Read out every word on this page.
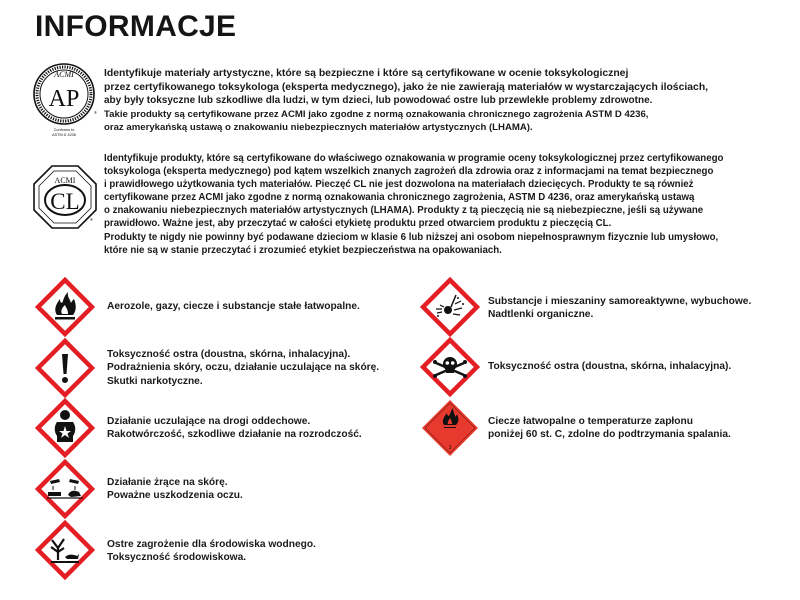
INFORMACJE
ACMI
AP
®
Conforms to
ASTM D 4236
Identyfikuje materiały artystyczne, które są bezpieczne i które są certyfikowane w ocenie toksykologicznej
przez certyfikowanego toksykologa (eksperta medycznego), jako że nie zawierają materiałów w wystarczających ilościach,
aby były toksyczne lub szkodliwe dla ludzi, w tym dzieci, lub powodować ostre lub przewlekłe problemy zdrowotne.
Takie produkty są certyfikowane przez ACMI jako zgodne z normą oznakowania chronicznego zagrożenia ASTM D 4236,
oraz amerykańską ustawą o znakowaniu niebezpiecznych materiałów artystycznych (LHAMA).
ACMI
CL
®
Identyfikuje produkty, które są certyfikowane do właściwego oznakowania w programie oceny toksykologicznej przez certyfikowanego
toksykologa (eksperta medycznego) pod kątem wszelkich znanych zagrożeń dla zdrowia oraz z informacjami na temat bezpiecznego
i prawidłowego użytkowania tych materiałów. Pieczęć CL nie jest dozwolona na materiałach dziecięcych. Produkty te są również
certyfikowane przez ACMI jako zgodne z normą oznakowania chronicznego zagrożenia, ASTM D 4236, oraz amerykańską ustawą
o znakowaniu niebezpiecznych materiałów artystycznych (LHAMA). Produkty z tą pieczęcią nie są niebezpieczne, jeśli są używane
prawidłowo. Ważne jest, aby przeczytać w całości etykietę produktu przed otwarciem produktu z pieczęcią CL.
Produkty te nigdy nie powinny być podawane dzieciom w klasie 6 lub niższej ani osobom niepełnosprawnym fizycznie lub umysłowo,
które nie są w stanie przeczytać i zrozumieć etykiet bezpieczeństwa na opakowaniach.
Aerozole, gazy, ciecze i substancje stałe łatwopalne.
Toksyczność ostra (doustna, skórna, inhalacyjna).
Podrażnienia skóry, oczu, działanie uczulające na skórę.
Skutki narkotyczne.
Działanie uczulające na drogi oddechowe.
Rakotwórczość, szkodliwe działanie na rozrodczość.
Działanie żrące na skórę.
Poważne uszkodzenia oczu.
Ostre zagrożenie dla środowiska wodnego.
Toksyczność środowiskowa.
Substancje i mieszaniny samoreaktywne, wybuchowe.
Nadtlenki organiczne.
Toksyczność ostra (doustna, skórna, inhalacyjna).
3
Ciecze łatwopalne o temperaturze zapłonu
poniżej 60 st. C, zdolne do podtrzymania spalania.
